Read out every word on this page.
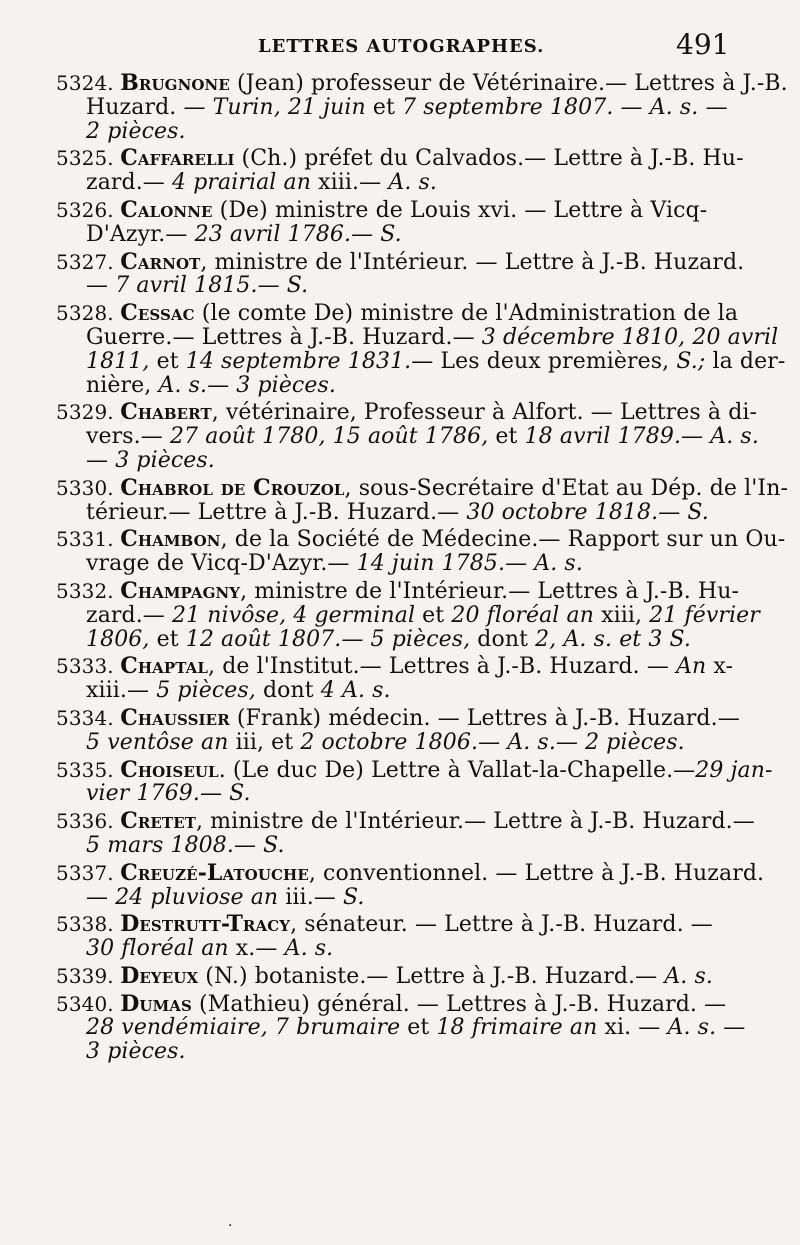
LETTRES AUTOGRAPHES.	491
5324. Brugnone (Jean) professeur de Vétérinaire.— Lettres à J.-B.
Huzard. — Turin, 21 juin et 7 septembre 1807. — A. s. —
2 pièces.
5325. Caffarelli (Ch.) préfet du Calvados.— Lettre à J.-B. Hu-
zard.— 4 prairial an xiii.— A. s.
5326. Calonne (De) ministre de Louis xvi. — Lettre à Vicq-
D'Azyr.— 23 avril 1786.— S.
5327. Carnot, ministre de l'Intérieur. — Lettre à J.-B. Huzard.
— 7 avril 1815.— S.
5328. Cessac (le comte De) ministre de l'Administration de la
Guerre.— Lettres à J.-B. Huzard.— 3 décembre 1810, 20 avril
1811, et 14 septembre 1831.— Les deux premières, S.; la der-
nière, A. s.— 3 pièces.
5329. Chabert, vétérinaire, Professeur à Alfort. — Lettres à di-
vers.— 27 août 1780, 15 août 1786, et 18 avril 1789.— A. s.
— 3 pièces.
5330. Chabrol de Crouzol, sous-Secrétaire d'Etat au Dép. de l'In-
térieur.— Lettre à J.-B. Huzard.— 30 octobre 1818.— S.
5331. Chambon, de la Société de Médecine.— Rapport sur un Ou-
vrage de Vicq-D'Azyr.— 14 juin 1785.— A. s.
5332. Champagny, ministre de l'Intérieur.— Lettres à J.-B. Hu-
zard.— 21 nivôse, 4 germinal et 20 floréal an xiii, 21 février
1806, et 12 août 1807.— 5 pièces, dont 2, A. s. et 3 S.
5333. Chaptal, de l'Institut.— Lettres à J.-B. Huzard. — An x-
xiii.— 5 pièces, dont 4 A. s.
5334. Chaussier (Frank) médecin. — Lettres à J.-B. Huzard.—
5 ventôse an iii, et 2 octobre 1806.— A. s.— 2 pièces.
5335. Choiseul. (Le duc De) Lettre à Vallat-la-Chapelle.—29 jan-
vier 1769.— S.
5336. Cretet, ministre de l'Intérieur.— Lettre à J.-B. Huzard.—
5 mars 1808.— S.
5337. Creuzé-Latouche, conventionnel. — Lettre à J.-B. Huzard.
— 24 pluviose an iii.— S.
5338. Destrutt-Tracy, sénateur. — Lettre à J.-B. Huzard. —
30 floréal an x.— A. s.
5339. Deyeux (N.) botaniste.— Lettre à J.-B. Huzard.— A. s.
5340. Dumas (Mathieu) général. — Lettres à J.-B. Huzard. —
28 vendémiaire, 7 brumaire et 18 frimaire an xi. — A. s. —
3 pièces.
·
